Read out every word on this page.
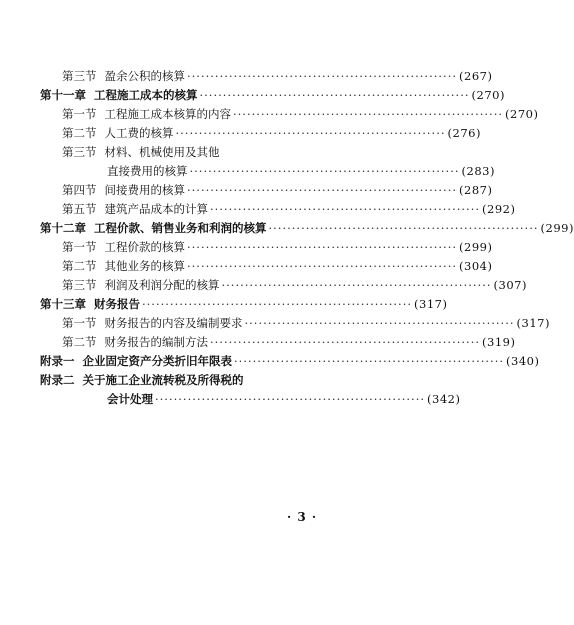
第三节 盈余公积的核算 ·························································· (267)
第十一章 工程施工成本的核算 ·························································· (270)
第一节 工程施工成本核算的内容 ·························································· (270)
第二节 人工费的核算 ·························································· (276)
第三节 材料、机械使用及其他
直接费用的核算 ·························································· (283)
第四节 间接费用的核算 ·························································· (287)
第五节 建筑产品成本的计算 ·························································· (292)
第十二章 工程价款、销售业务和利润的核算 ·························································· (299)
第一节 工程价款的核算 ·························································· (299)
第二节 其他业务的核算 ·························································· (304)
第三节 利润及利润分配的核算 ·························································· (307)
第十三章 财务报告 ·························································· (317)
第一节 财务报告的内容及编制要求 ·························································· (317)
第二节 财务报告的编制方法 ·························································· (319)
附录一 企业固定资产分类折旧年限表 ·························································· (340)
附录二 关于施工企业流转税及所得税的
会计处理 ·························································· (342)
· 3 ·
